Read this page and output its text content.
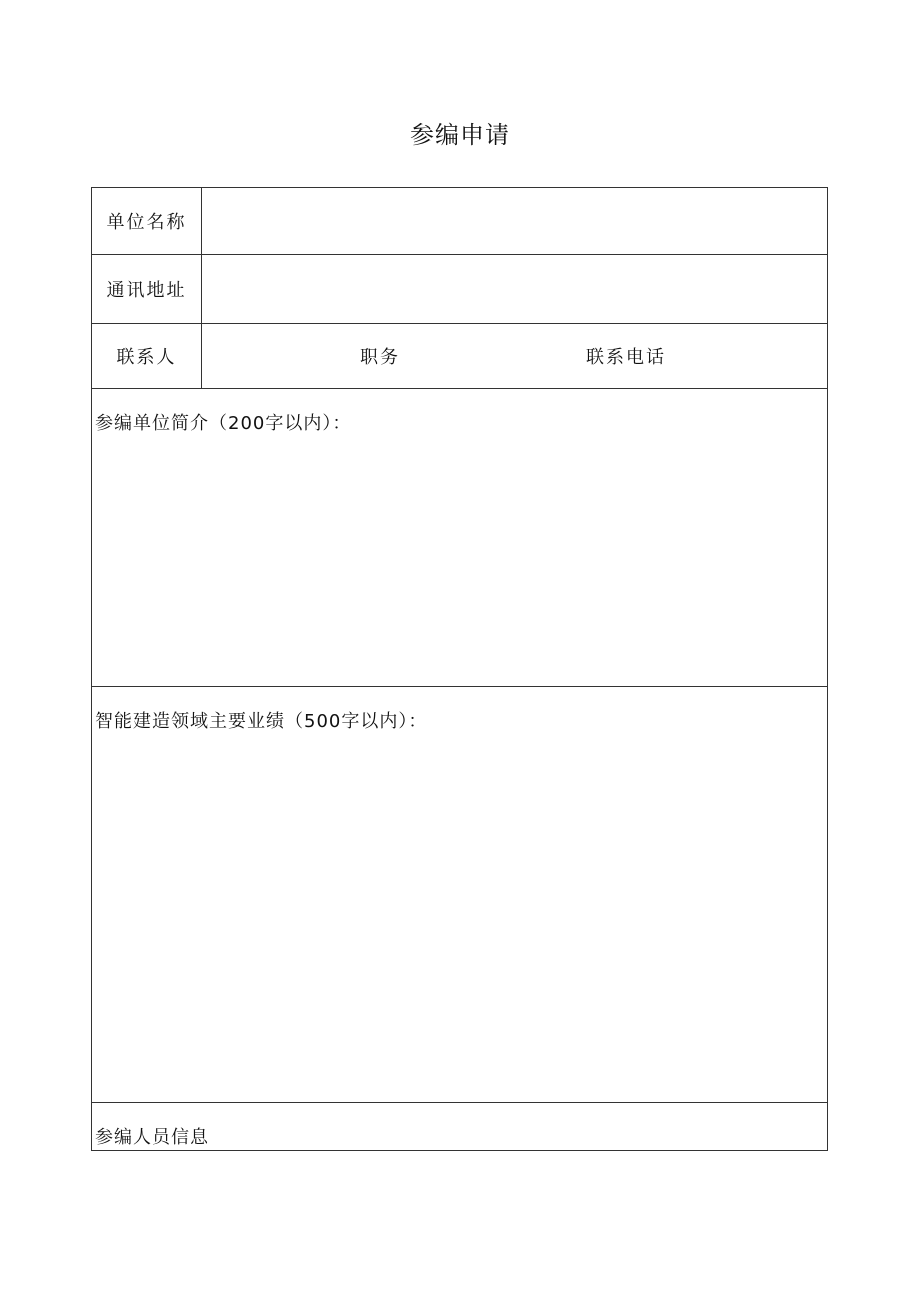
参编申请
单位名称
通讯地址
联系人	职务	联系电话
参编单位简介（200字以内）：
智能建造领域主要业绩（500字以内）：
参编人员信息
